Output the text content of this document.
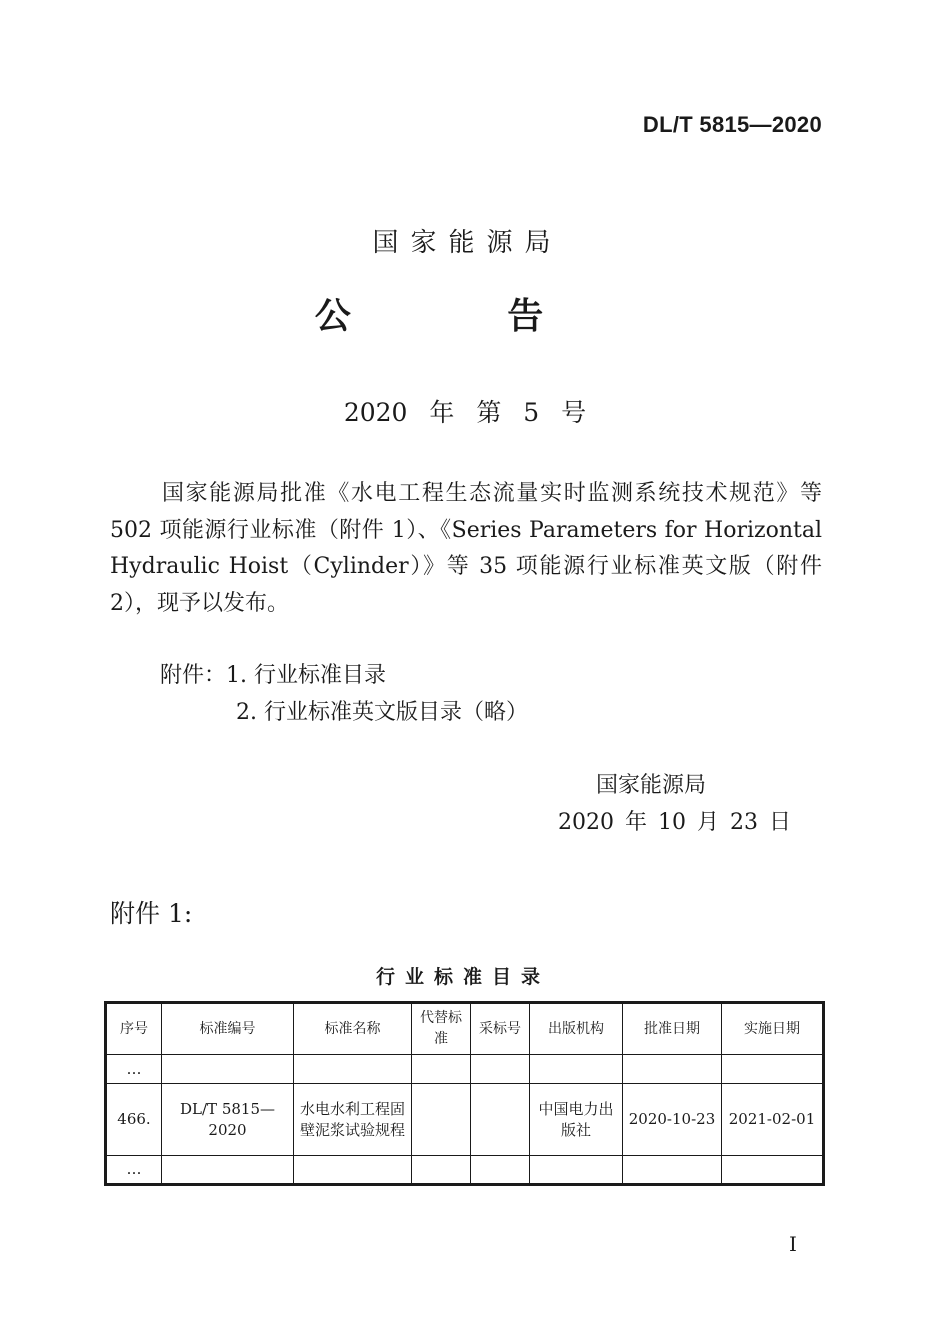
DL/T 5815—2020
国家能源局
公 告
2020 年 第 5 号
国家能源局批准《水电工程生态流量实时监测系统技术规范》等 502 项能源行业标准（附件 1）、《Series Parameters for Horizontal Hydraulic Hoist（Cylinder）》等 35 项能源行业标准英文版（附件 2），现予以发布。
附件：1. 行业标准目录
2. 行业标准英文版目录（略）
国家能源局
2020 年 10 月 23 日
附件 1:
行业标准目录
序号	标准编号	标准名称	代替标准	采标号	出版机构	批准日期	实施日期
…							
466.	DL/T 5815—2020	水电水利工程固壁泥浆试验规程			中国电力出版社	2020-10-23	2021-02-01
…							
I
